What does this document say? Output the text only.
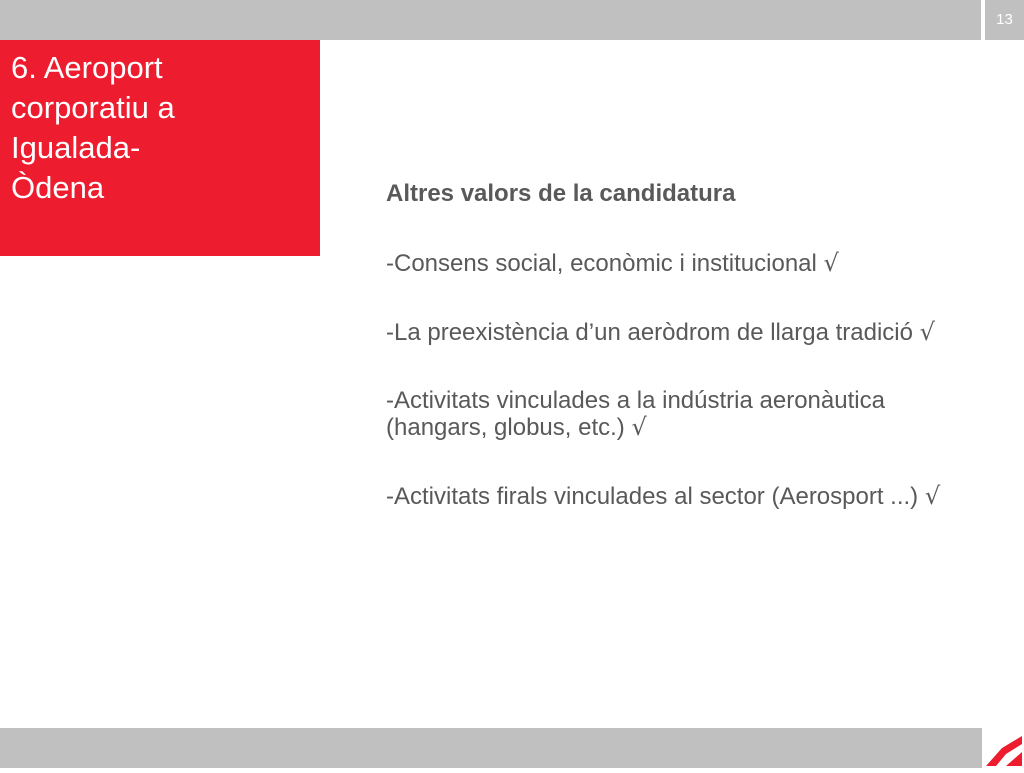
13
6. Aeroport corporatiu a Igualada-Òdena	Altres valors de la candidatura
-Consens social, econòmic i institucional √
-La preexistència d’un aeròdrom de llarga tradició √
-Activitats vinculades a la indústria aeronàutica (hangars, globus, etc.) √
-Activitats firals vinculades al sector (Aerosport ...) √
